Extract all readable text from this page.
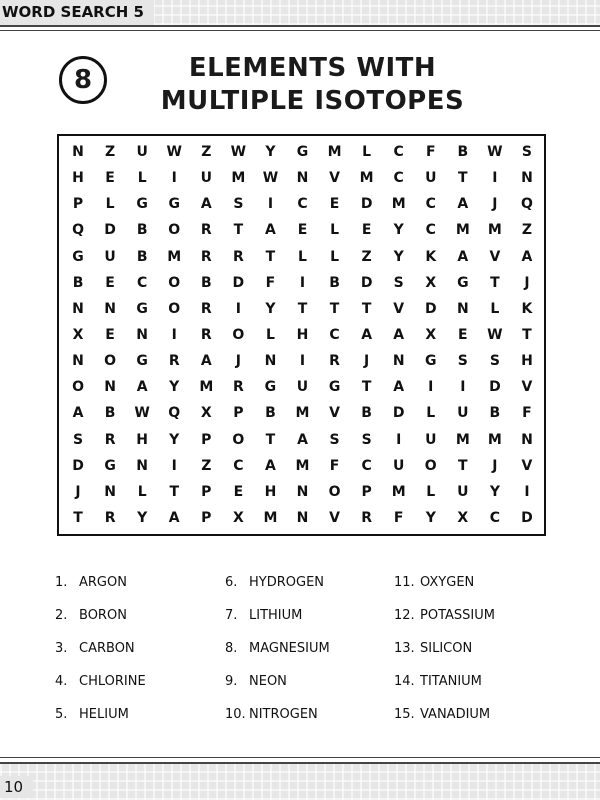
WORD SEARCH 5
8	ELEMENTS WITH
MULTIPLE ISOTOPES
N	Z	U	W	Z	W	Y	G	M	L	C	F	B	W	S
H	E	L	I	U	M	W	N	V	M	C	U	T	I	N
P	L	G	G	A	S	I	C	E	D	M	C	A	J	Q
Q	D	B	O	R	T	A	E	L	E	Y	C	M	M	Z
G	U	B	M	R	R	T	L	L	Z	Y	K	A	V	A
B	E	C	O	B	D	F	I	B	D	S	X	G	T	J
N	N	G	O	R	I	Y	T	T	T	V	D	N	L	K
X	E	N	I	R	O	L	H	C	A	A	X	E	W	T
N	O	G	R	A	J	N	I	R	J	N	G	S	S	H
O	N	A	Y	M	R	G	U	G	T	A	I	I	D	V
A	B	W	Q	X	P	B	M	V	B	D	L	U	B	F
S	R	H	Y	P	O	T	A	S	S	I	U	M	M	N
D	G	N	I	Z	C	A	M	F	C	U	O	T	J	V
J	N	L	T	P	E	H	N	O	P	M	L	U	Y	I
T	R	Y	A	P	X	M	N	V	R	F	Y	X	C	D
1. ARGON
2. BORON
3. CARBON
4. CHLORINE
5. HELIUM
6. HYDROGEN
7. LITHIUM
8. MAGNESIUM
9. NEON
10. NITROGEN
11. OXYGEN
12. POTASSIUM
13. SILICON
14. TITANIUM
15. VANADIUM
10
